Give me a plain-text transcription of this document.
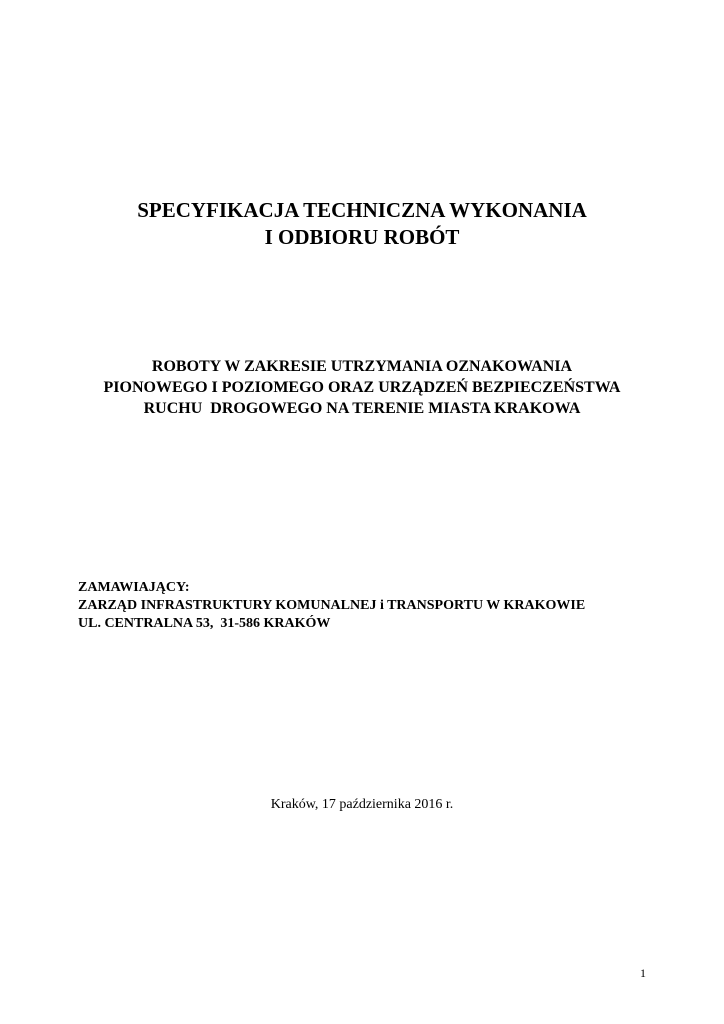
SPECYFIKACJA TECHNICZNA WYKONANIA
I ODBIORU ROBÓT
ROBOTY W ZAKRESIE UTRZYMANIA OZNAKOWANIA
PIONOWEGO I POZIOMEGO ORAZ URZĄDZEŃ BEZPIECZEŃSTWA
RUCHU  DROGOWEGO NA TERENIE MIASTA KRAKOWA
ZAMAWIAJĄCY:
ZARZĄD INFRASTRUKTURY KOMUNALNEJ i TRANSPORTU W KRAKOWIE
UL. CENTRALNA 53,  31-586 KRAKÓW
Kraków, 17 października 2016 r.
1
